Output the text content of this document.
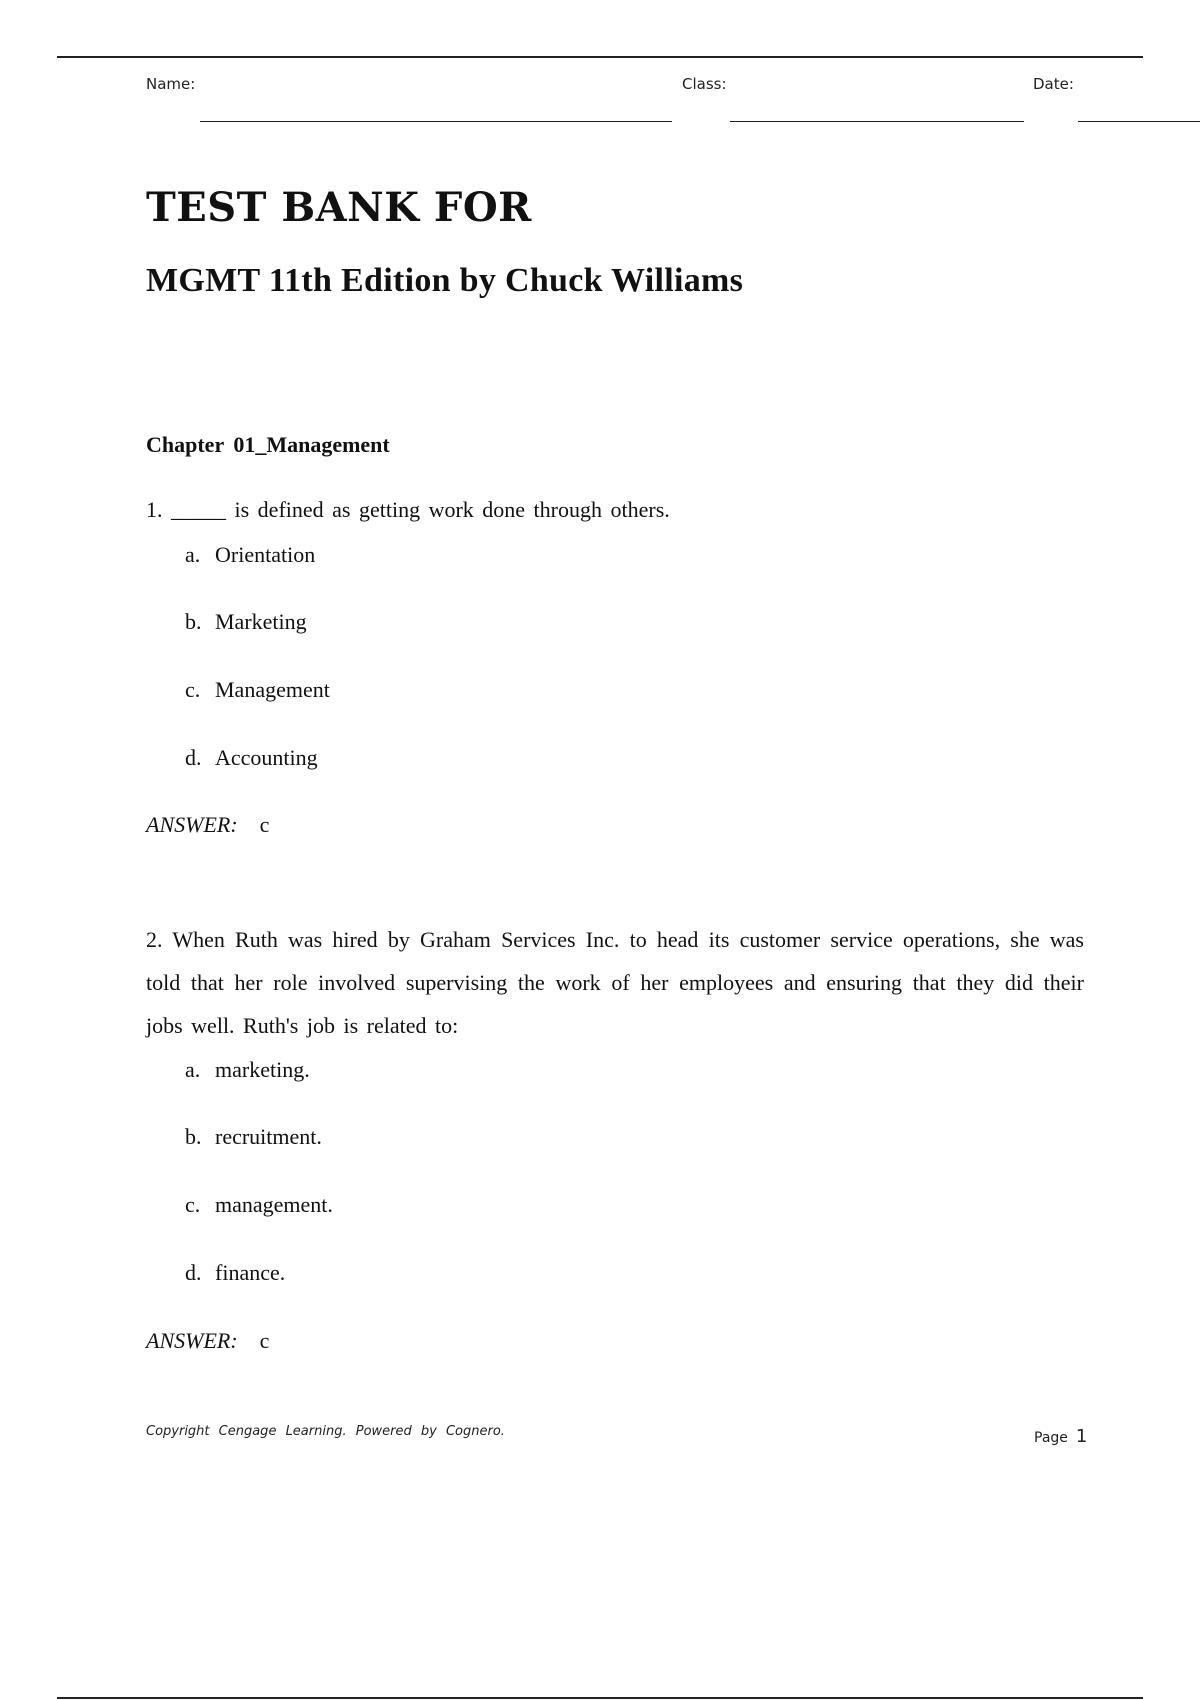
Name:	Class:	Date:
TEST BANK FOR
MGMT 11th Edition by Chuck Williams
Chapter 01_Management
1. _____ is defined as getting work done through others.
a. Orientation
b. Marketing
c. Management
d. Accounting
ANSWER: c
2. When Ruth was hired by Graham Services Inc. to head its customer service operations, she was told that her role involved supervising the work of her employees and ensuring that they did their jobs well. Ruth's job is related to:
a. marketing.
b. recruitment.
c. management.
d. finance.
ANSWER: c
Copyright Cengage Learning. Powered by Cognero.	Page 1
